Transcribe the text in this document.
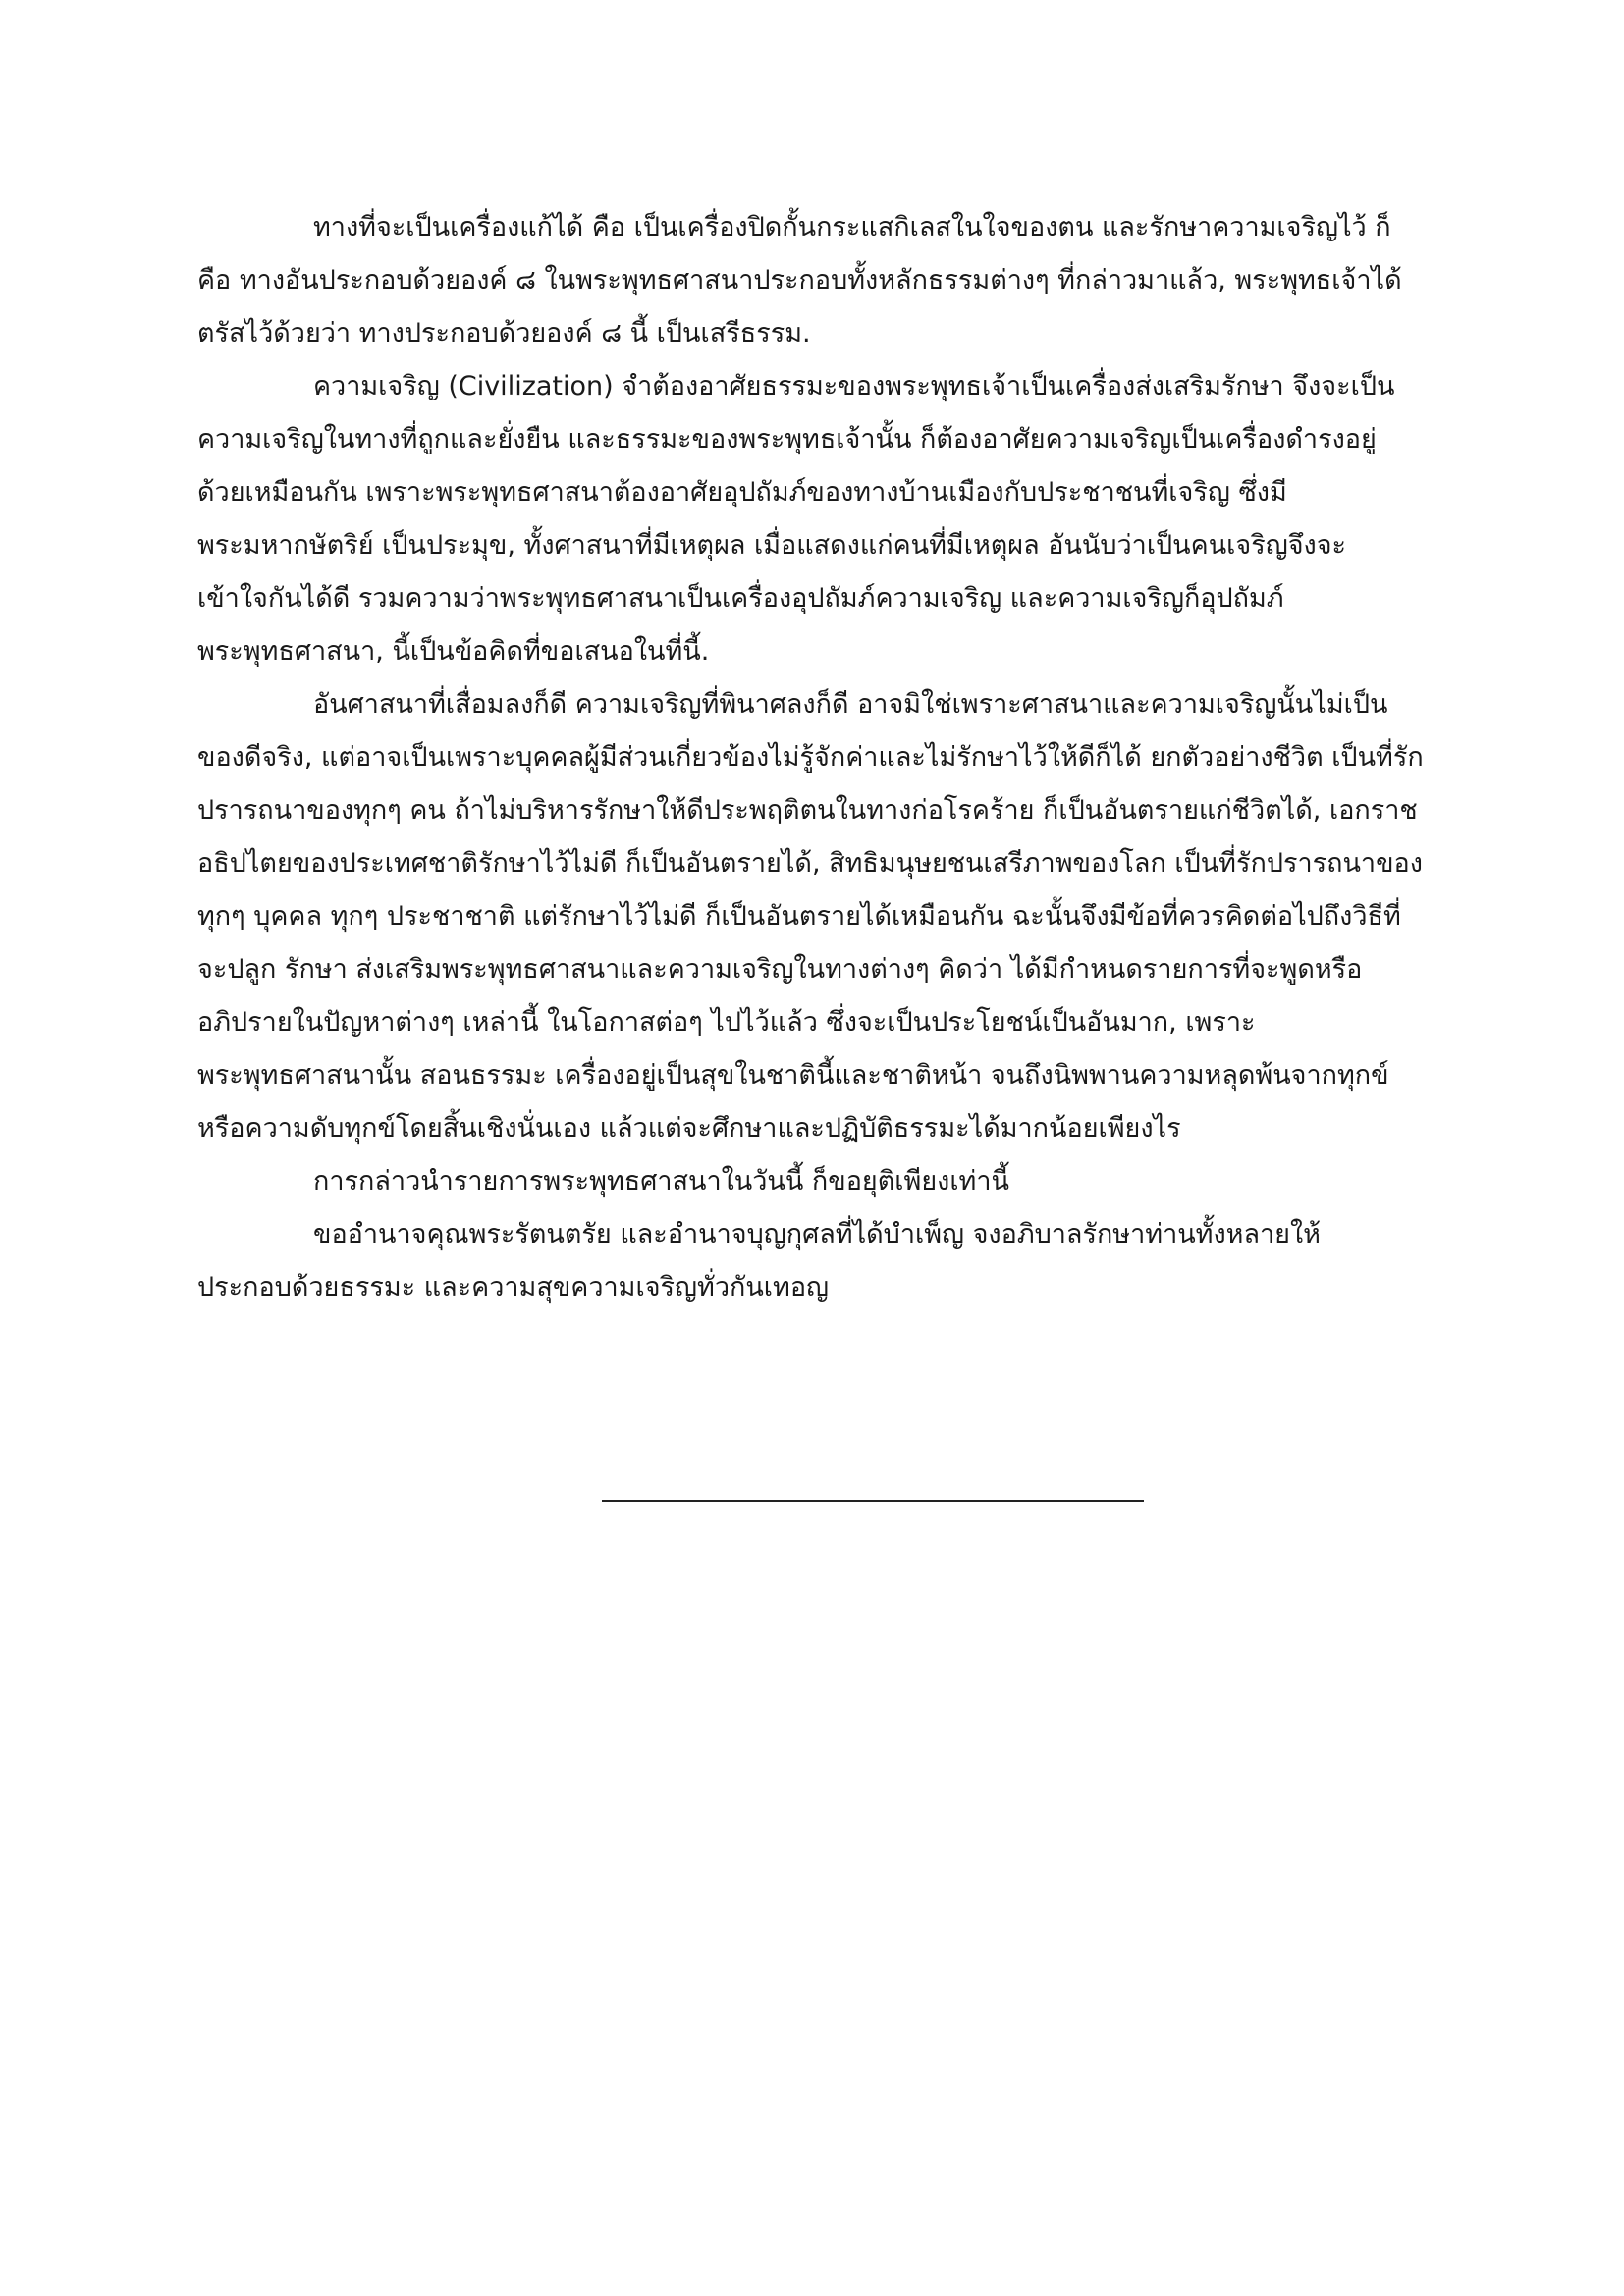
ทางที่จะเป็นเครื่องแก้ได้ คือ เป็นเครื่องปิดกั้นกระแสกิเลสในใจของตน และรักษาความเจริญไว้ ก็
คือ ทางอันประกอบด้วยองค์ ๘ ในพระพุทธศาสนาประกอบทั้งหลักธรรมต่างๆ ที่กล่าวมาแล้ว, พระพุทธเจ้าได้
ตรัสไว้ด้วยว่า ทางประกอบด้วยองค์ ๘ นี้ เป็นเสรีธรรม.
ความเจริญ (Civilization) จำต้องอาศัยธรรมะของพระพุทธเจ้าเป็นเครื่องส่งเสริมรักษา จึงจะเป็น
ความเจริญในทางที่ถูกและยั่งยืน และธรรมะของพระพุทธเจ้านั้น ก็ต้องอาศัยความเจริญเป็นเครื่องดำรงอยู่
ด้วยเหมือนกัน เพราะพระพุทธศาสนาต้องอาศัยอุปถัมภ์ของทางบ้านเมืองกับประชาชนที่เจริญ ซึ่งมี
พระมหากษัตริย์ เป็นประมุข, ทั้งศาสนาที่มีเหตุผล เมื่อแสดงแก่คนที่มีเหตุผล อันนับว่าเป็นคนเจริญจึงจะ
เข้าใจกันได้ดี รวมความว่าพระพุทธศาสนาเป็นเครื่องอุปถัมภ์ความเจริญ และความเจริญก็อุปถัมภ์
พระพุทธศาสนา, นี้เป็นข้อคิดที่ขอเสนอในที่นี้.
อันศาสนาที่เสื่อมลงก็ดี ความเจริญที่พินาศลงก็ดี อาจมิใช่เพราะศาสนาและความเจริญนั้นไม่เป็น
ของดีจริง, แต่อาจเป็นเพราะบุคคลผู้มีส่วนเกี่ยวข้องไม่รู้จักค่าและไม่รักษาไว้ให้ดีก็ได้ ยกตัวอย่างชีวิต เป็นที่รัก
ปรารถนาของทุกๆ คน ถ้าไม่บริหารรักษาให้ดีประพฤติตนในทางก่อโรคร้าย ก็เป็นอันตรายแก่ชีวิตได้, เอกราช
อธิปไตยของประเทศชาติรักษาไว้ไม่ดี ก็เป็นอันตรายได้, สิทธิมนุษยชนเสรีภาพของโลก เป็นที่รักปรารถนาของ
ทุกๆ บุคคล ทุกๆ ประชาชาติ แต่รักษาไว้ไม่ดี ก็เป็นอันตรายได้เหมือนกัน ฉะนั้นจึงมีข้อที่ควรคิดต่อไปถึงวิธีที่
จะปลูก รักษา ส่งเสริมพระพุทธศาสนาและความเจริญในทางต่างๆ คิดว่า ได้มีกำหนดรายการที่จะพูดหรือ
อภิปรายในปัญหาต่างๆ เหล่านี้ ในโอกาสต่อๆ ไปไว้แล้ว ซึ่งจะเป็นประโยชน์เป็นอันมาก, เพราะ
พระพุทธศาสนานั้น สอนธรรมะ เครื่องอยู่เป็นสุขในชาตินี้และชาติหน้า จนถึงนิพพานความหลุดพ้นจากทุกข์
หรือความดับทุกข์โดยสิ้นเชิงนั่นเอง แล้วแต่จะศึกษาและปฏิบัติธรรมะได้มากน้อยเพียงไร
การกล่าวนำรายการพระพุทธศาสนาในวันนี้ ก็ขอยุติเพียงเท่านี้
ขออำนาจคุณพระรัตนตรัย และอำนาจบุญกุศลที่ได้บำเพ็ญ จงอภิบาลรักษาท่านทั้งหลายให้
ประกอบด้วยธรรมะ และความสุขความเจริญทั่วกันเทอญ
